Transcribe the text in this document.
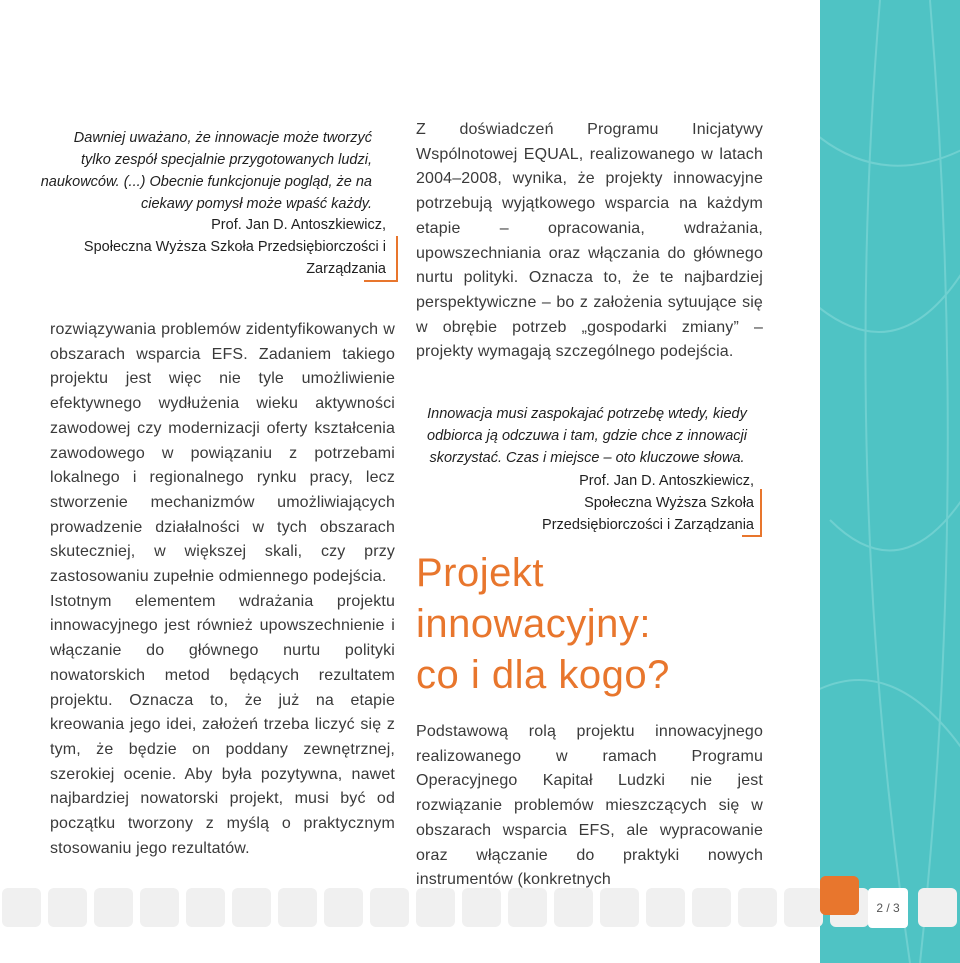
Dawniej uważano, że innowacje może tworzyć tylko zespół specjalnie przygotowanych ludzi, naukowców. (...) Obecnie funkcjonuje pogląd, że na ciekawy pomysł może wpaść każdy.
Prof. Jan D. Antoszkiewicz,
Społeczna Wyższa Szkoła Przedsiębiorczości i Zarządzania

rozwiązywania problemów zidentyfikowanych w obszarach wsparcia EFS. Zadaniem takiego projektu jest więc nie tyle umożliwienie efektywnego wydłużenia wieku aktywności zawodowej czy modernizacji oferty kształcenia zawodowego w powiązaniu z potrzebami lokalnego i regionalnego rynku pracy, lecz stworzenie mechanizmów umożliwiających prowadzenie działalności w tych obszarach skuteczniej, w większej skali, czy przy zastosowaniu zupełnie odmiennego podejścia.

Istotnym elementem wdrażania projektu innowacyjnego jest również upowszechnienie i włączanie do głównego nurtu polityki nowatorskich metod będących rezultatem projektu. Oznacza to, że już na etapie kreowania jego idei, założeń trzeba liczyć się z tym, że będzie on poddany zewnętrznej, szerokiej ocenie. Aby była pozytywna, nawet najbardziej nowatorski projekt, musi być od początku tworzony z myślą o praktycznym stosowaniu jego rezultatów.

Z doświadczeń Programu Inicjatywy Wspólnotowej EQUAL, realizowanego w latach 2004–2008, wynika, że projekty innowacyjne potrzebują wyjątkowego wsparcia na każdym etapie – opracowania, wdrażania, upowszechniania oraz włączania do głównego nurtu polityki. Oznacza to, że te najbardziej perspektywiczne – bo z założenia sytuujące się w obrębie potrzeb „gospodarki zmiany” – projekty wymagają szczególnego podejścia.

Innowacja musi zaspokajać potrzebę wtedy, kiedy odbiorca ją odczuwa i tam, gdzie chce z innowacji skorzystać. Czas i miejsce – oto kluczowe słowa.
Prof. Jan D. Antoszkiewicz,
Społeczna Wyższa Szkoła
Przedsiębiorczości i Zarządzania
Projekt
innowacyjny:
co i dla kogo?

Podstawową rolą projektu innowacyjnego realizowanego w ramach Programu Operacyjnego Kapitał Ludzki nie jest rozwiązanie problemów mieszczących się w obszarach wsparcia EFS, ale wypracowanie oraz włączanie do praktyki nowych instrumentów (konkretnych

2 / 3
